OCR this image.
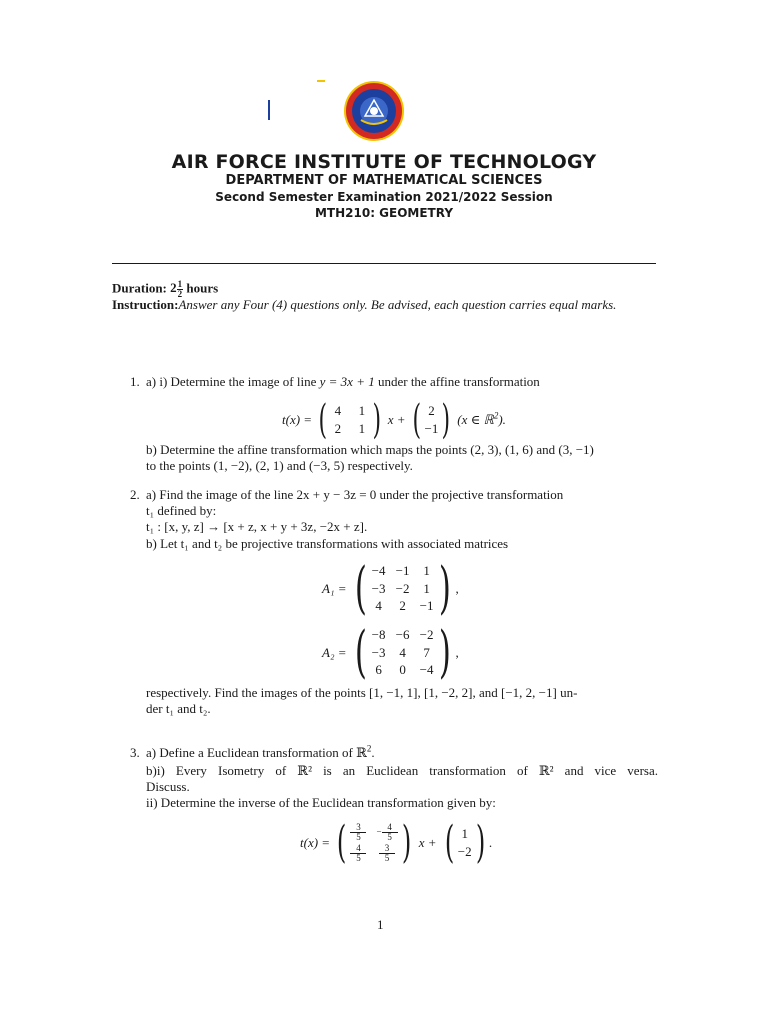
AIR FORCE INSTITUTE OF TECHNOLOGY
DEPARTMENT OF MATHEMATICAL SCIENCES
Second Semester Examination 2021/2022 Session
MTH210: GEOMETRY
Duration: $2 \frac{1}{2}$ hours
Instruction:Answer any Four (4) questions only. Be advised, each question carries equal marks.
1. a) i) Determine the image of line y = 3x + 1 under the affine transformation
t(x) =
( 4 1
2 1 ) x + ( 2
−1 )
(x ∈ ℝ$^2$).
b) Determine the affine transformation which maps the points (2, 3), (1, 6) and (3, −1)
to the points (1, −2), (2, 1) and (−3, 5) respectively.
2. a) Find the image of the line 2x + y − 3z = 0 under the projective transformation
t₁ defined by:
t₁ : [x, y, z] → [x + z, x + y + 3z, −2x + z].
b) Let t₁ and t₂ be projective transformations with associated matrices
A₁ =
( −4 −1 1
−3 −2 1
4 2 −1 ) ,
A₂ =
( −8 −6 −2
−3 4 7
6 0 −4 ) ,
respectively. Find the images of the points [1, −1, 1], [1, −2, 2], and [−1, 2, −1] un-
der t₁ and t₂.
3. a) Define a Euclidean transformation of ℝ$^2$.
b)i) Every Isometry of ℝ² is an Euclidean transformation of ℝ² and vice versa.
Discuss.
ii) Determine the inverse of the Euclidean transformation given by:
t(x) =
( $\frac{3}{5} - \frac{4}{5}$
$\frac{4}{5} \frac{3}{5}$ ) x + ( 1
−2 ) .
1
